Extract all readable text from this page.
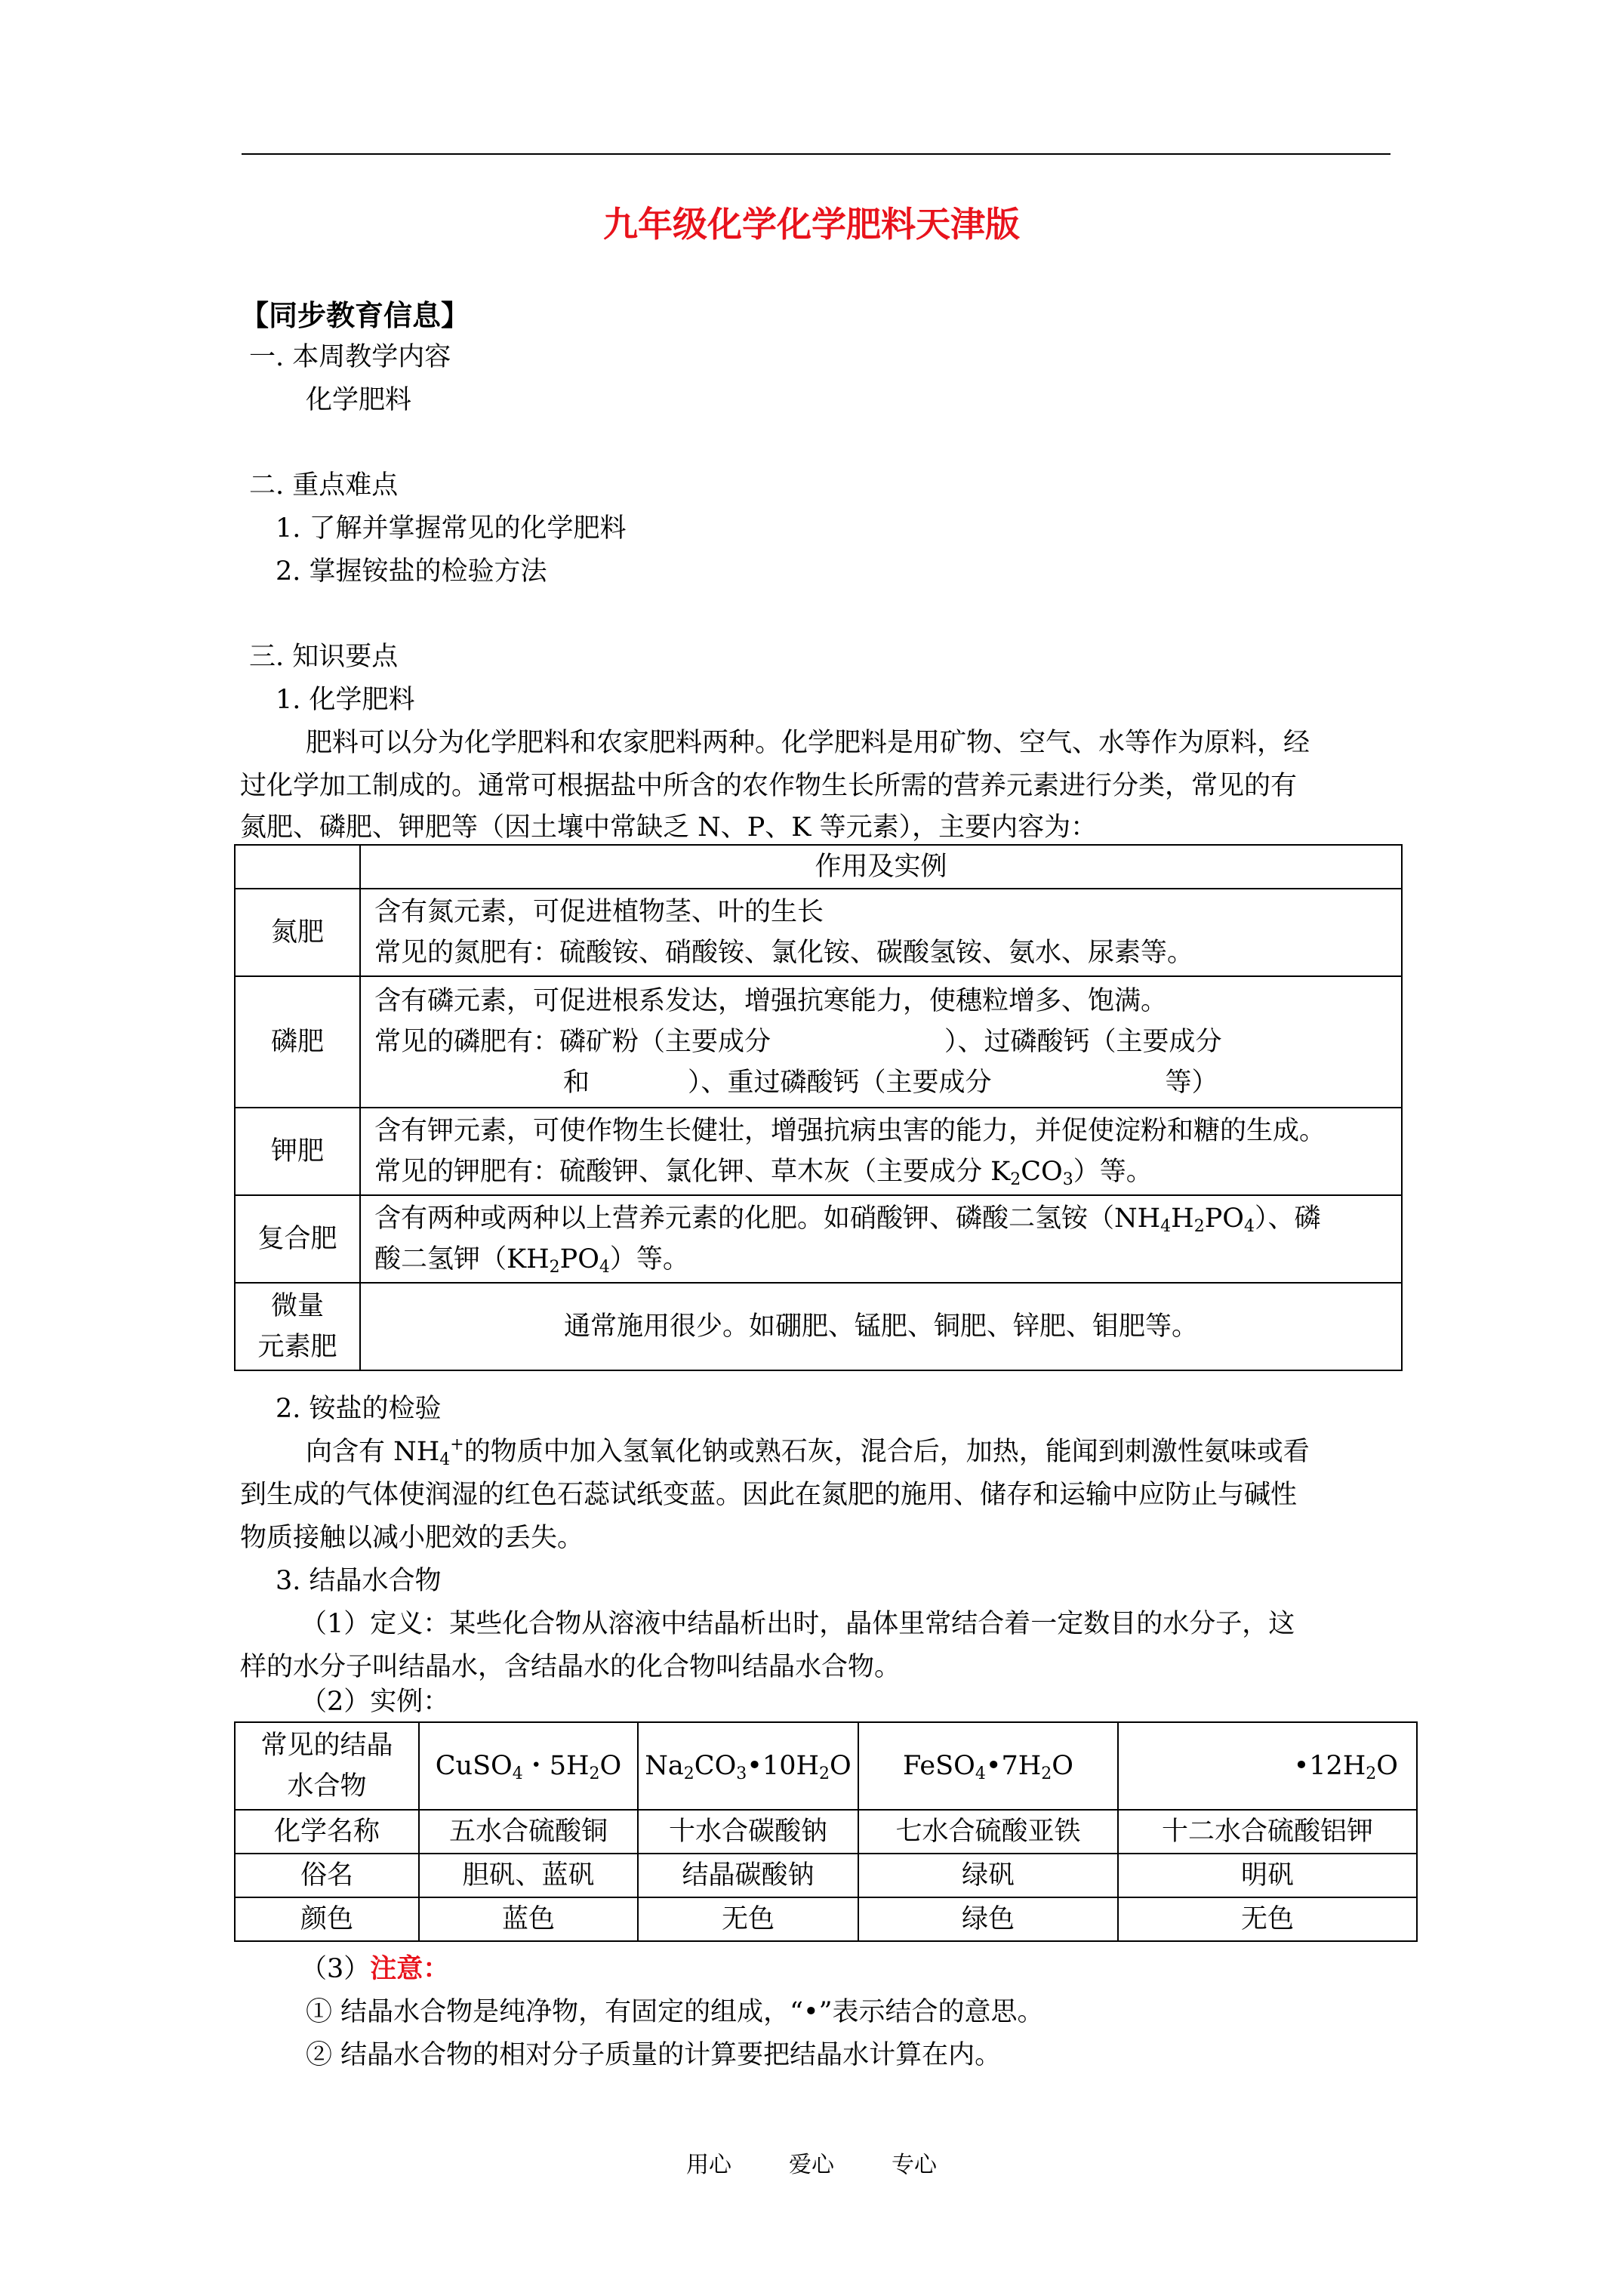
九年级化学化学肥料天津版
【同步教育信息】
一. 本周教学内容
化学肥料
二. 重点难点
1. 了解并掌握常见的化学肥料
2. 掌握铵盐的检验方法
三. 知识要点
1. 化学肥料
肥料可以分为化学肥料和农家肥料两种。化学肥料是用矿物、空气、水等作为原料，经
过化学加工制成的。通常可根据盐中所含的农作物生长所需的营养元素进行分类，常见的有
氮肥、磷肥、钾肥等（因土壤中常缺乏 N、P、K 等元素），主要内容为：
	作用及实例
氮肥	含有氮元素，可促进植物茎、叶的生长
常见的氮肥有：硫酸铵、硝酸铵、氯化铵、碳酸氢铵、氨水、尿素等。

磷肥	含有磷元素，可促进根系发达，增强抗寒能力，使穗粒增多、饱满。
常见的磷肥有：磷矿粉（主要成分 ）、过磷酸钙（主要成分
和 ）、重过磷酸钙（主要成分 等）

钾肥	含有钾元素，可使作物生长健壮，增强抗病虫害的能力，并促使淀粉和糖的生成。
常见的钾肥有：硫酸钾、氯化钾、草木灰（主要成分 $K_2CO_3$）等。

复合肥	含有两种或两种以上营养元素的化肥。如硝酸钾、磷酸二氢铵$(NH_4H_2PO_4)$、磷
酸二氢钾$(KH_2PO_4)$等。

微量
元素肥	通常施用很少。如硼肥、锰肥、铜肥、锌肥、钼肥等。
2. 铵盐的检验
向含有 $NH_4^+$的物质中加入氢氧化钠或熟石灰，混合后，加热，能闻到刺激性氨味或看
到生成的气体使润湿的红色石蕊试纸变蓝。因此在氮肥的施用、储存和运输中应防止与碱性
物质接触以减小肥效的丢失。
3. 结晶水合物
（1）定义：某些化合物从溶液中结晶析出时，晶体里常结合着一定数目的水分子，这
样的水分子叫结晶水，含结晶水的化合物叫结晶水合物。
（2）实例：
常见的结晶
水合物	CuSO$_4$・$5H_2O$	$Na_2CO_3•10H_2O$	$FeSO_4•7H_2O$	$•12H_2O$
化学名称	五水合硫酸铜	十水合碳酸钠	七水合硫酸亚铁	十二水合硫酸铝钾
俗名	胆矾、蓝矾	结晶碳酸钠	绿矾	明矾
颜色	蓝色	无色	绿色	无色
（3）注意：
① 结晶水合物是纯净物，有固定的组成，“•”表示结合的意思。
② 结晶水合物的相对分子质量的计算要把结晶水计算在内。
用心	爱心	专心
